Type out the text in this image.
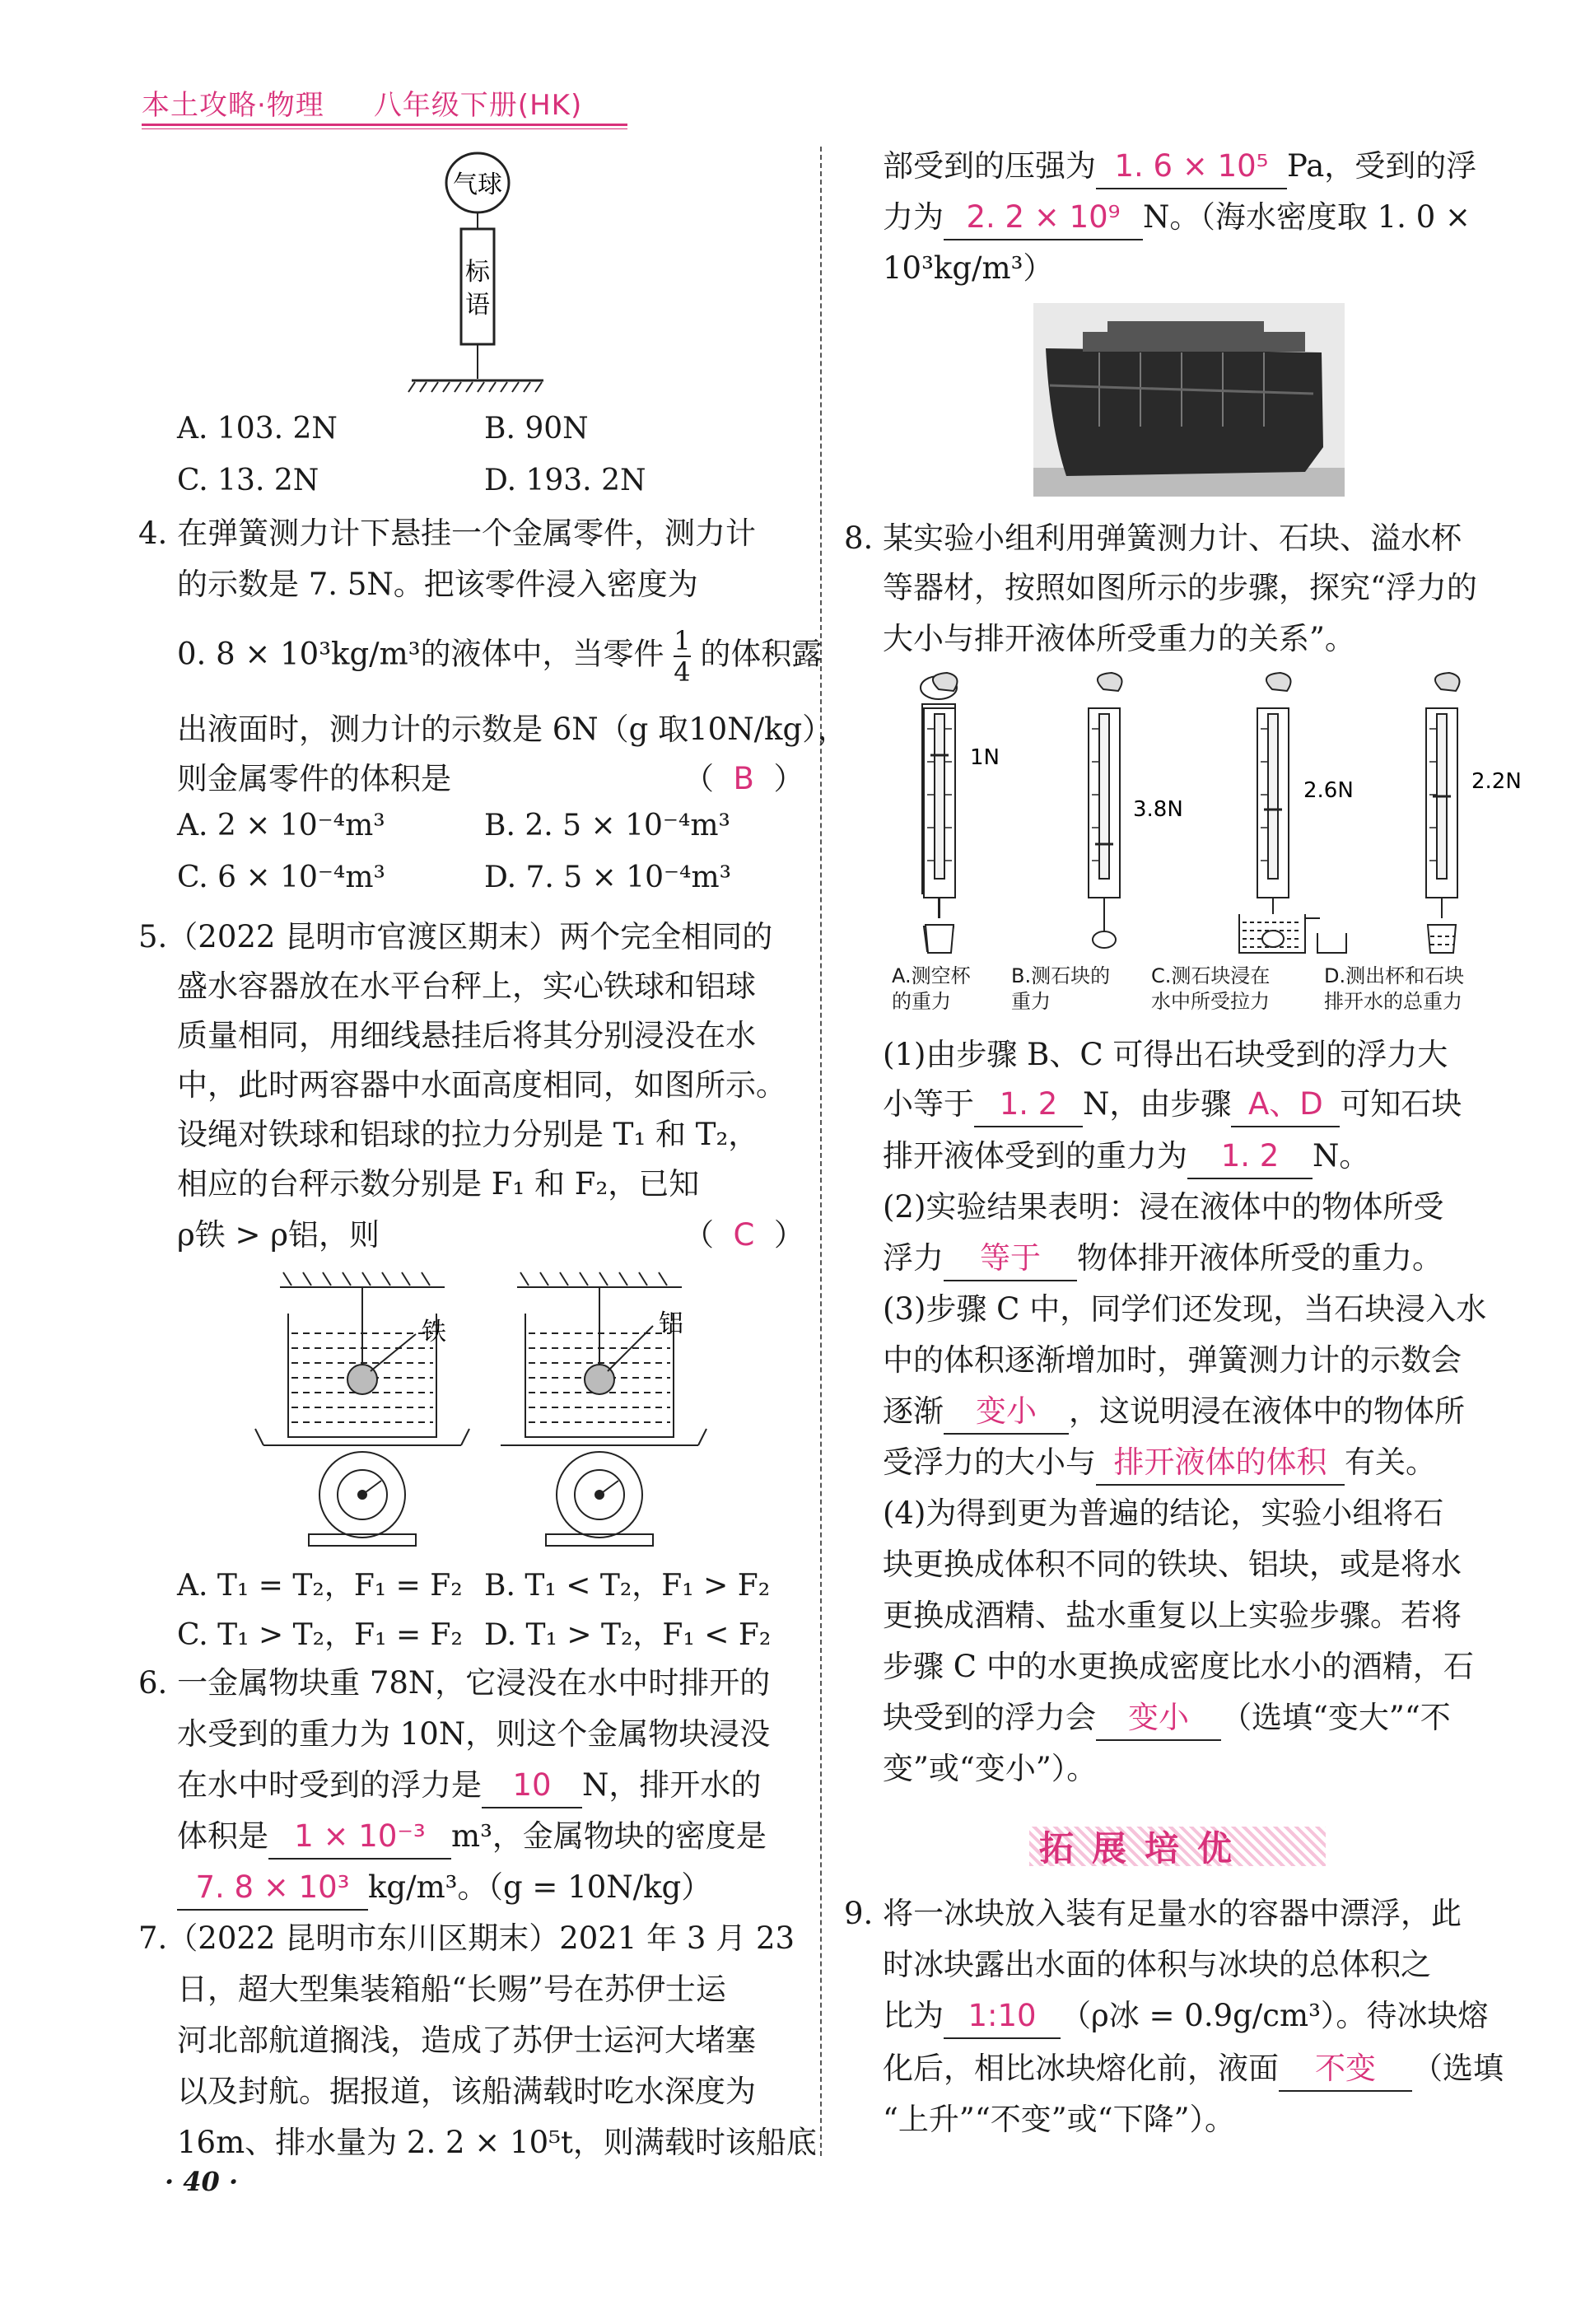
本土攻略·物理 八年级下册(HK)
气球
标
语
A. 103. 2N	B. 90N
C. 13. 2N	D. 193. 2N
4. 在弹簧测力计下悬挂一个金属零件，测力计
的示数是 7. 5N。把该零件浸入密度为
0. 8 × 10³kg/m³的液体中，当零件 $\frac{1}{4}$ 的体积露
出液面时，测力计的示数是 6N（g 取10N/kg），
则金属零件的体积是	（  B  ）
A. 2 × 10⁻⁴m³	B. 2. 5 × 10⁻⁴m³
C. 6 × 10⁻⁴m³	D. 7. 5 × 10⁻⁴m³
5.（2022 昆明市官渡区期末）两个完全相同的
盛水容器放在水平台秤上，实心铁球和铝球
质量相同，用细线悬挂后将其分别浸没在水
中，此时两容器中水面高度相同，如图所示。
设绳对铁球和铝球的拉力分别是 T₁ 和 T₂，
相应的台秤示数分别是 F₁ 和 F₂，已知
ρ铁 > ρ铝，则	（  C  ）
铁	铝
A. T₁ = T₂，F₁ = F₂ B. T₁ < T₂，F₁ > F₂
C. T₁ > T₂，F₁ = F₂ D. T₁ > T₂，F₁ < F₂
6. 一金属物块重 78N，它浸没在水中时排开的
水受到的重力为 10N，则这个金属物块浸没
在水中时受到的浮力是 10 N，排开水的
体积是 1 × 10⁻³ m³，金属物块的密度是
7. 8 × 10³ kg/m³。（g = 10N/kg）
7.（2022 昆明市东川区期末）2021 年 3 月 23
日，超大型集装箱船“长赐”号在苏伊士运
河北部航道搁浅，造成了苏伊士运河大堵塞
以及封航。据报道，该船满载时吃水深度为
16m、排水量为 2. 2 × 10⁵t，则满载时该船底
· 40 ·
部受到的压强为 1. 6 × 10⁵ Pa，受到的浮
力为 2. 2 × 10⁹ N。（海水密度取 1. 0 ×
10³kg/m³）
8. 某实验小组利用弹簧测力计、石块、溢水杯
等器材，按照如图所示的步骤，探究“浮力的
大小与排开液体所受重力的关系”。
1N
3.8N
2.6N	2.2N
A.测空杯
的重力
B.测石块的
重力
C.测石块浸在
水中所受拉力
D.测出杯和石块
排开水的总重力
(1)由步骤 B、C 可得出石块受到的浮力大
小等于 1. 2 N，由步骤 A、D 可知石块
排开液体受到的重力为 1. 2 N。
(2)实验结果表明：浸在液体中的物体所受
浮力 等于 物体排开液体所受的重力。
(3)步骤 C 中，同学们还发现，当石块浸入水
中的体积逐渐增加时，弹簧测力计的示数会
逐渐 变小 ，这说明浸在液体中的物体所
受浮力的大小与 排开液体的体积 有关。
(4)为得到更为普遍的结论，实验小组将石
块更换成体积不同的铁块、铝块，或是将水
更换成酒精、盐水重复以上实验步骤。若将
步骤 C 中的水更换成密度比水小的酒精，石
块受到的浮力会 变小 （选填“变大”“不
变”或“变小”）。
拓展培优
9. 将一冰块放入装有足量水的容器中漂浮，此
时冰块露出水面的体积与冰块的总体积之
比为 1:10 （ρ冰 = 0.9g/cm³）。待冰块熔
化后，相比冰块熔化前，液面 不变 （选填
“上升”“不变”或“下降”）。
